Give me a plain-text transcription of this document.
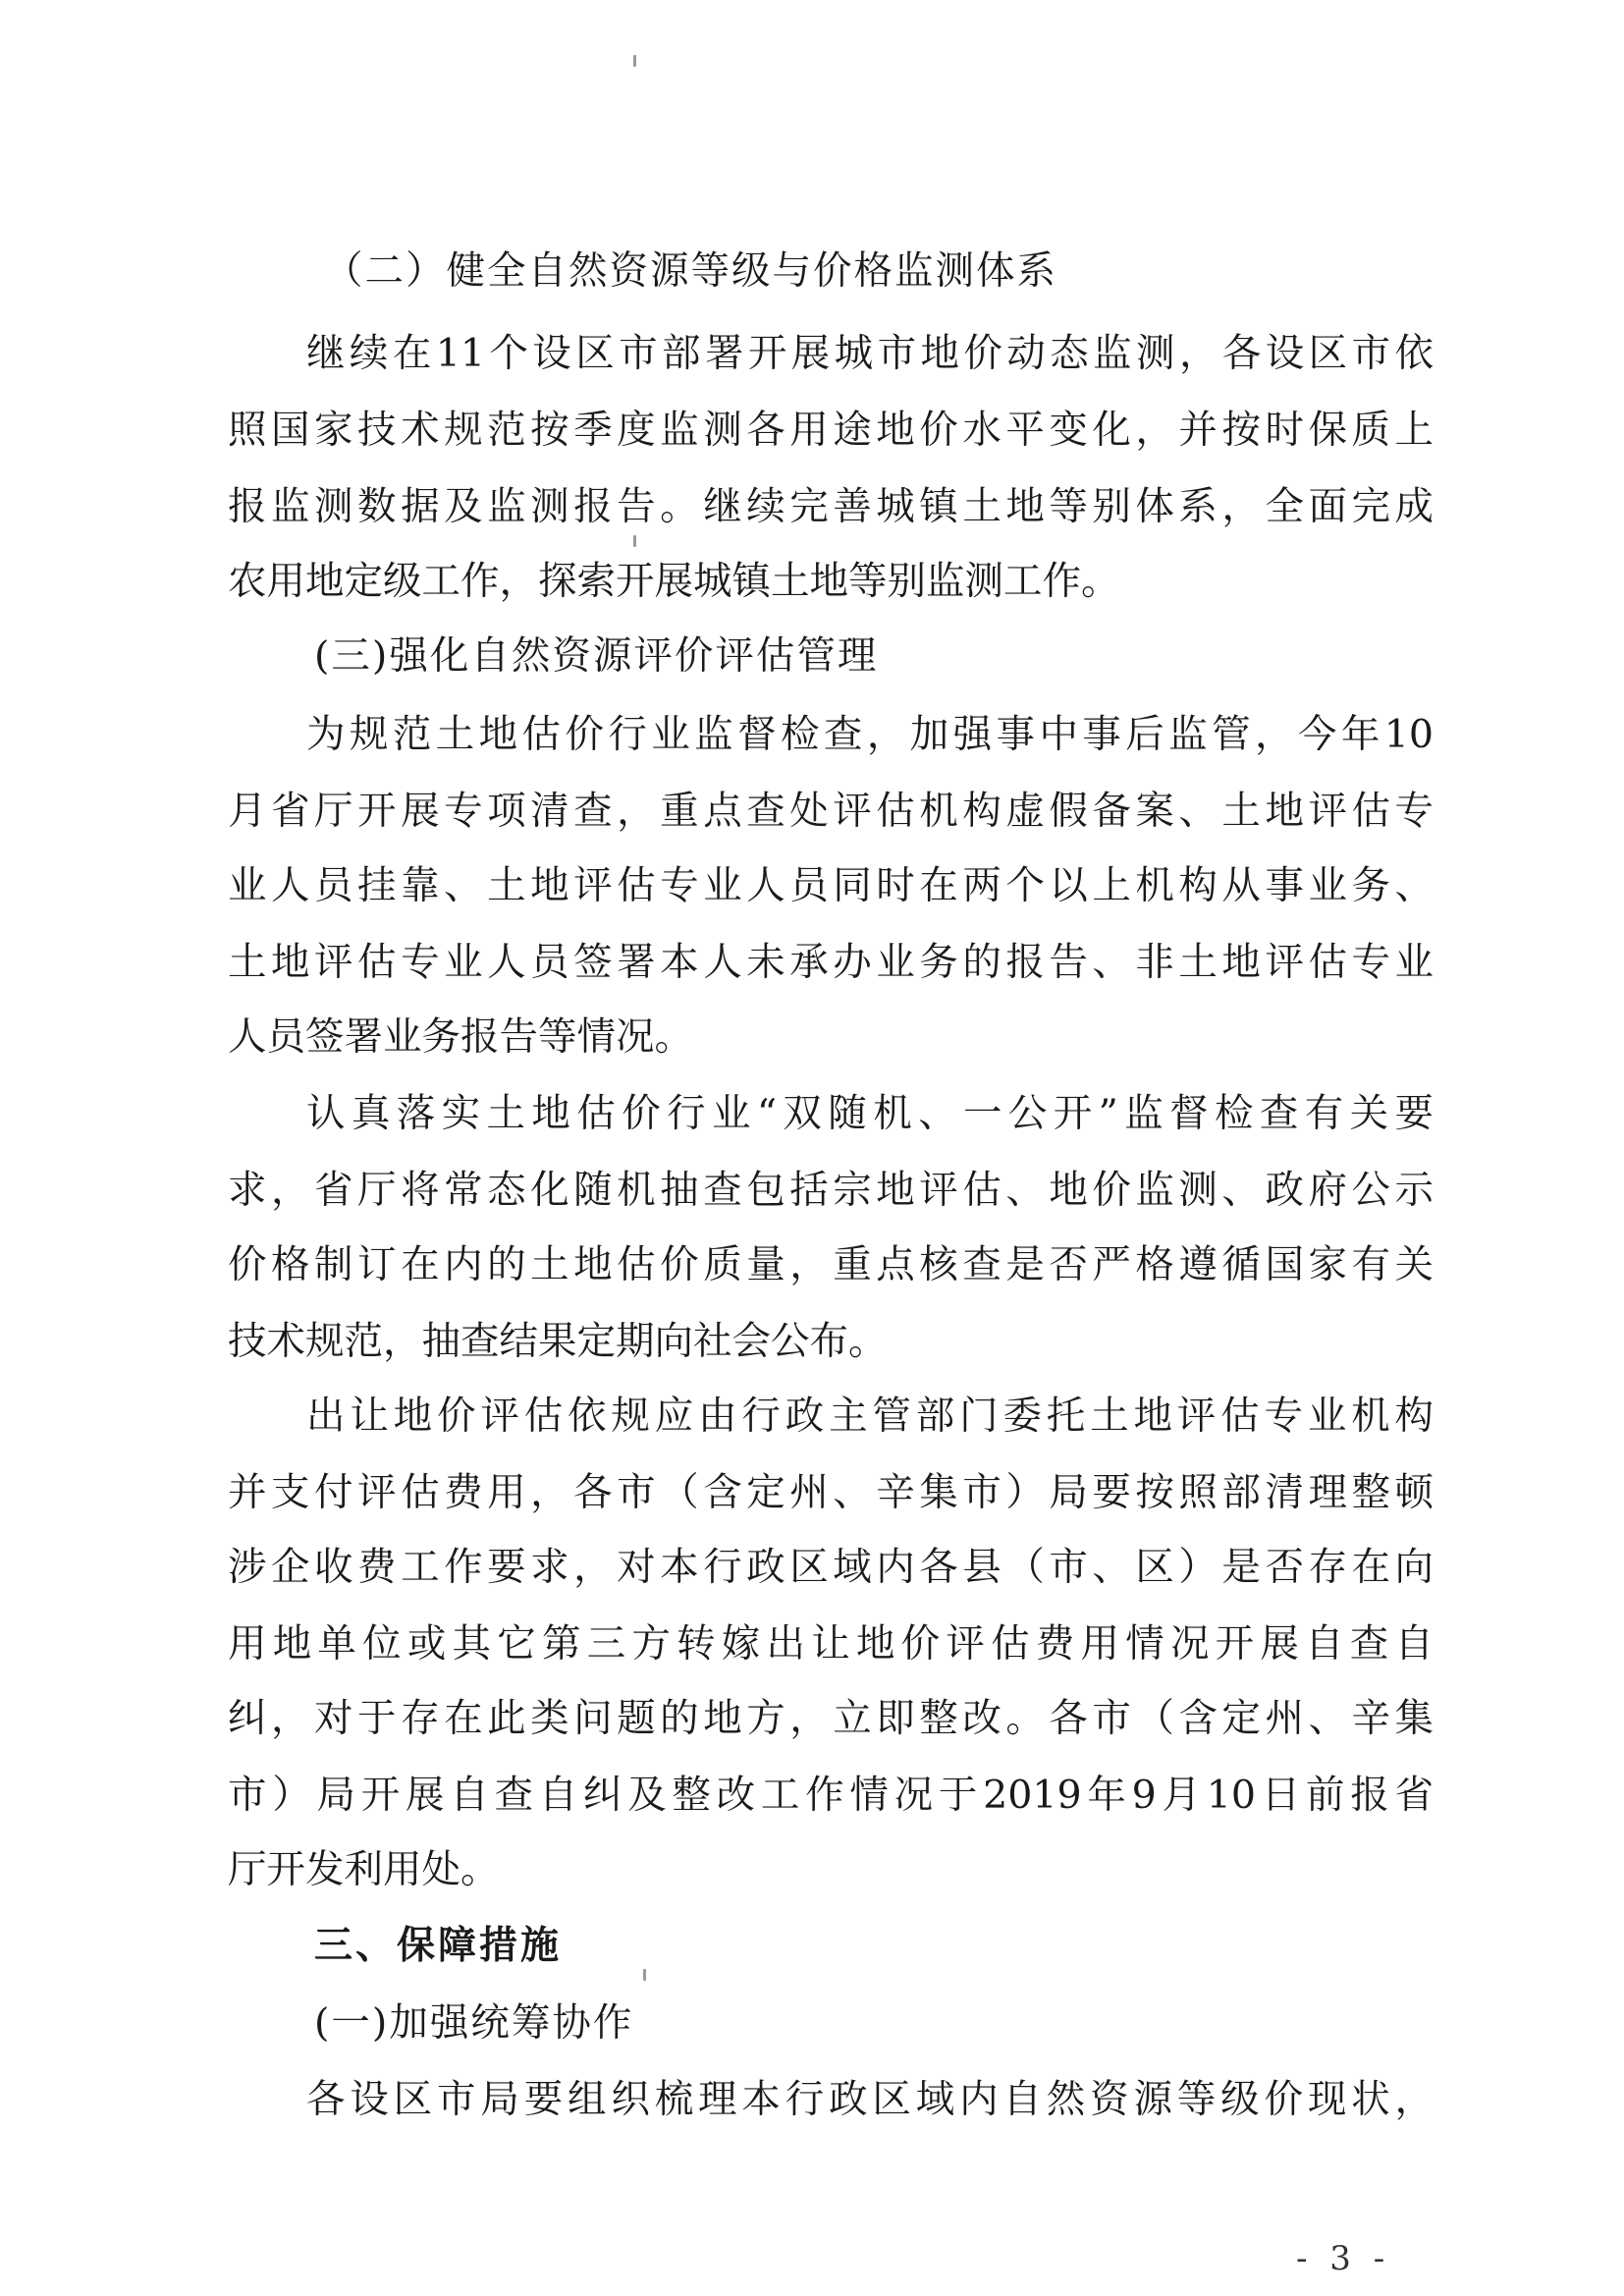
（二）健全自然资源等级与价格监测体系
继续在11个设区市部署开展城市地价动态监测，各设区市依
照国家技术规范按季度监测各用途地价水平变化，并按时保质上
报监测数据及监测报告。继续完善城镇土地等别体系，全面完成
农用地定级工作，探索开展城镇土地等别监测工作。
(三)强化自然资源评价评估管理
为规范土地估价行业监督检查，加强事中事后监管，今年10
月省厅开展专项清查，重点查处评估机构虚假备案、土地评估专
业人员挂靠、土地评估专业人员同时在两个以上机构从事业务、
土地评估专业人员签署本人未承办业务的报告、非土地评估专业
人员签署业务报告等情况。
认真落实土地估价行业“双随机、一公开”监督检查有关要
求，省厅将常态化随机抽查包括宗地评估、地价监测、政府公示
价格制订在内的土地估价质量，重点核查是否严格遵循国家有关
技术规范，抽查结果定期向社会公布。
出让地价评估依规应由行政主管部门委托土地评估专业机构
并支付评估费用，各市（含定州、辛集市）局要按照部清理整顿
涉企收费工作要求，对本行政区域内各县（市、区）是否存在向
用地单位或其它第三方转嫁出让地价评估费用情况开展自查自
纠，对于存在此类问题的地方，立即整改。各市（含定州、辛集
市）局开展自查自纠及整改工作情况于2019年9月10日前报省
厅开发利用处。
三、保障措施
(一)加强统筹协作
各设区市局要组织梳理本行政区域内自然资源等级价现状，
- 3 -
